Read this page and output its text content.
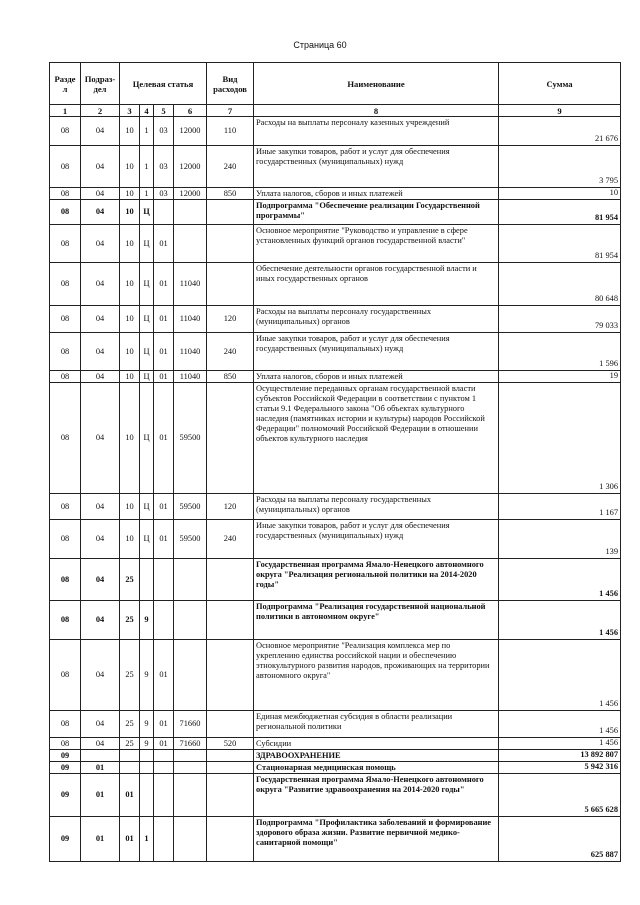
Страница 60
Разде л	Подраз- дел	Целевая статья				Вид расходов	Наименование	Сумма
1	2	3	4	5	6	7	8	9
08	04	10	1	03	12000	110	Расходы на выплаты персоналу казенных учреждений	21 676
08	04	10	1	03	12000	240	Иные закупки товаров, работ и услуг для обеспечения государственных (муниципальных) нужд	3 795
08	04	10	1	03	12000	850	Уплата налогов, сборов и иных платежей	10
08	04	10	Ц				Подпрограмма "Обеспечение реализации Государственной программы"	81 954
08	04	10	Ц	01			Основное мероприятие "Руководство и управление в сфере установленных функций органов государственной власти"	81 954
08	04	10	Ц	01	11040		Обеспечение деятельности органов государственной власти и иных государственных органов	80 648
08	04	10	Ц	01	11040	120	Расходы на выплаты персоналу государственных (муниципальных) органов	79 033
08	04	10	Ц	01	11040	240	Иные закупки товаров, работ и услуг для обеспечения государственных (муниципальных) нужд	1 596
08	04	10	Ц	01	11040	850	Уплата налогов, сборов и иных платежей	19
08	04	10	Ц	01	59500		Осуществление переданных органам государственной власти субъектов Российской Федерации в соответствии с пунктом 1 статьи 9.1 Федерального закона "Об объектах культурного наследия (памятниках истории и культуры) народов Российской Федерации" полномочий Российской Федерации в отношении объектов культурного наследия	1 306
08	04	10	Ц	01	59500	120	Расходы на выплаты персоналу государственных (муниципальных) органов	1 167
08	04	10	Ц	01	59500	240	Иные закупки товаров, работ и услуг для обеспечения государственных (муниципальных) нужд	139
08	04	25					Государственная программа Ямало-Ненецкого автономного округа "Реализация региональной политики на 2014-2020 годы"	1 456
08	04	25	9				Подпрограмма "Реализация государственной национальной политики в автономном округе"	1 456
08	04	25	9	01			Основное мероприятие "Реализация комплекса мер по укреплению единства российской нации и обеспечению этнокультурного развития народов, проживающих на территории автономного округа"	1 456
08	04	25	9	01	71660		Единая межбюджетная субсидия в области реализации региональной политики	1 456
08	04	25	9	01	71660	520	Субсидии	1 456
09							ЗДРАВООХРАНЕНИЕ	13 892 807
09	01						Стационарная медицинская помощь	5 942 316
09	01	01					Государственная программа Ямало-Ненецкого автономного округа "Развитие здравоохранения на 2014-2020 годы"	5 665 628
09	01	01	1				Подпрограмма "Профилактика заболеваний и формирование здорового образа жизни. Развитие первичной медико-санитарной помощи"	625 887
